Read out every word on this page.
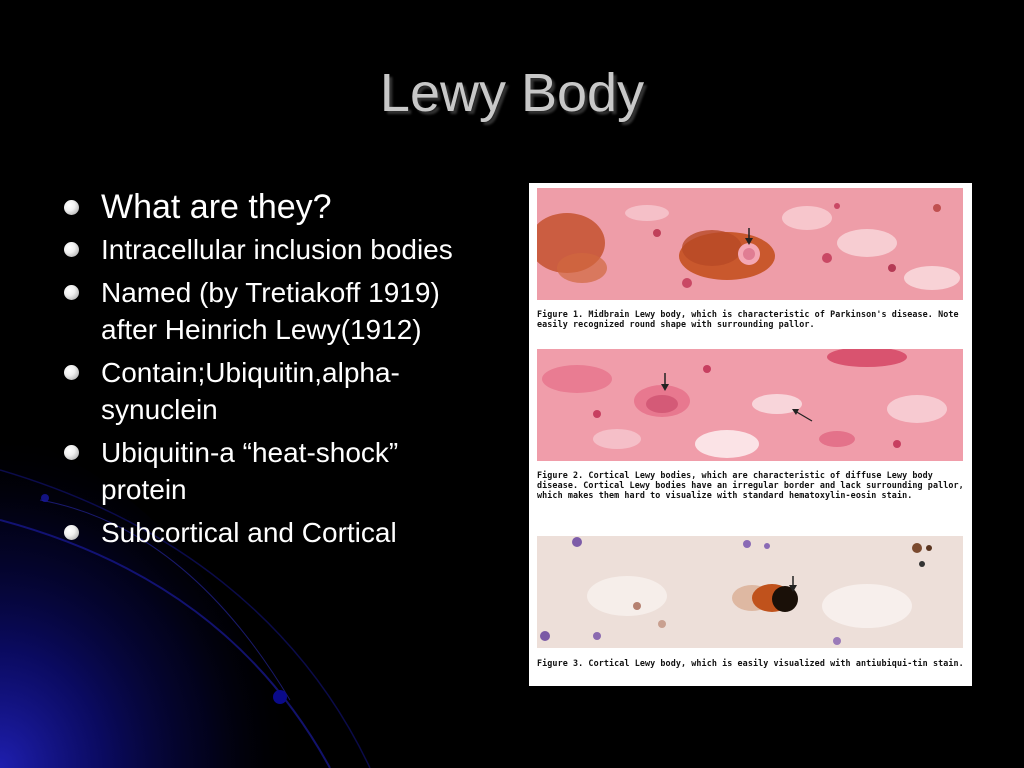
Lewy Body
What are they?
Intracellular inclusion bodies
Named (by Tretiakoff 1919) after Heinrich Lewy(1912)
Contain;Ubiquitin,alpha-synuclein
Ubiquitin-a “heat-shock” protein
Subcortical and Cortical
Figure 1. Midbrain Lewy body, which is characteristic of Parkinson's disease. Note easily recognized round shape with surrounding pallor.
Figure 2. Cortical Lewy bodies, which are characteristic of diffuse Lewy body disease. Cortical Lewy bodies have an irregular border and lack surrounding pallor, which makes them hard to visualize with standard hematoxylin-eosin stain.
Figure 3. Cortical Lewy body, which is easily visualized with antiubiqui-tin stain.
